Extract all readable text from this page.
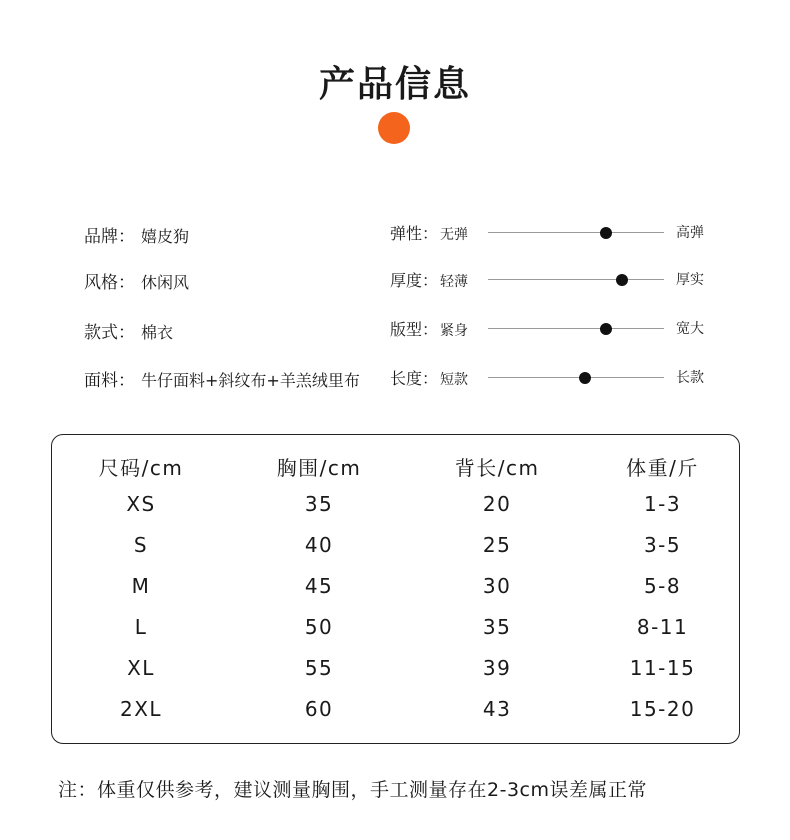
产品信息
品牌： 嬉皮狗
风格： 休闲风
款式： 棉衣
面料： 牛仔面料+斜纹布+羊羔绒里布
弹性： 无弹	高弹
厚度： 轻薄	厚实
版型： 紧身	宽大
长度： 短款	长款
尺码/cm	胸围/cm	背长/cm	体重/斤
XS	35	20	1-3
S	40	25	3-5
M	45	30	5-8
L	50	35	8-11
XL	55	39	11-15
2XL	60	43	15-20
注：体重仅供参考，建议测量胸围，手工测量存在2-3cm误差属正常
